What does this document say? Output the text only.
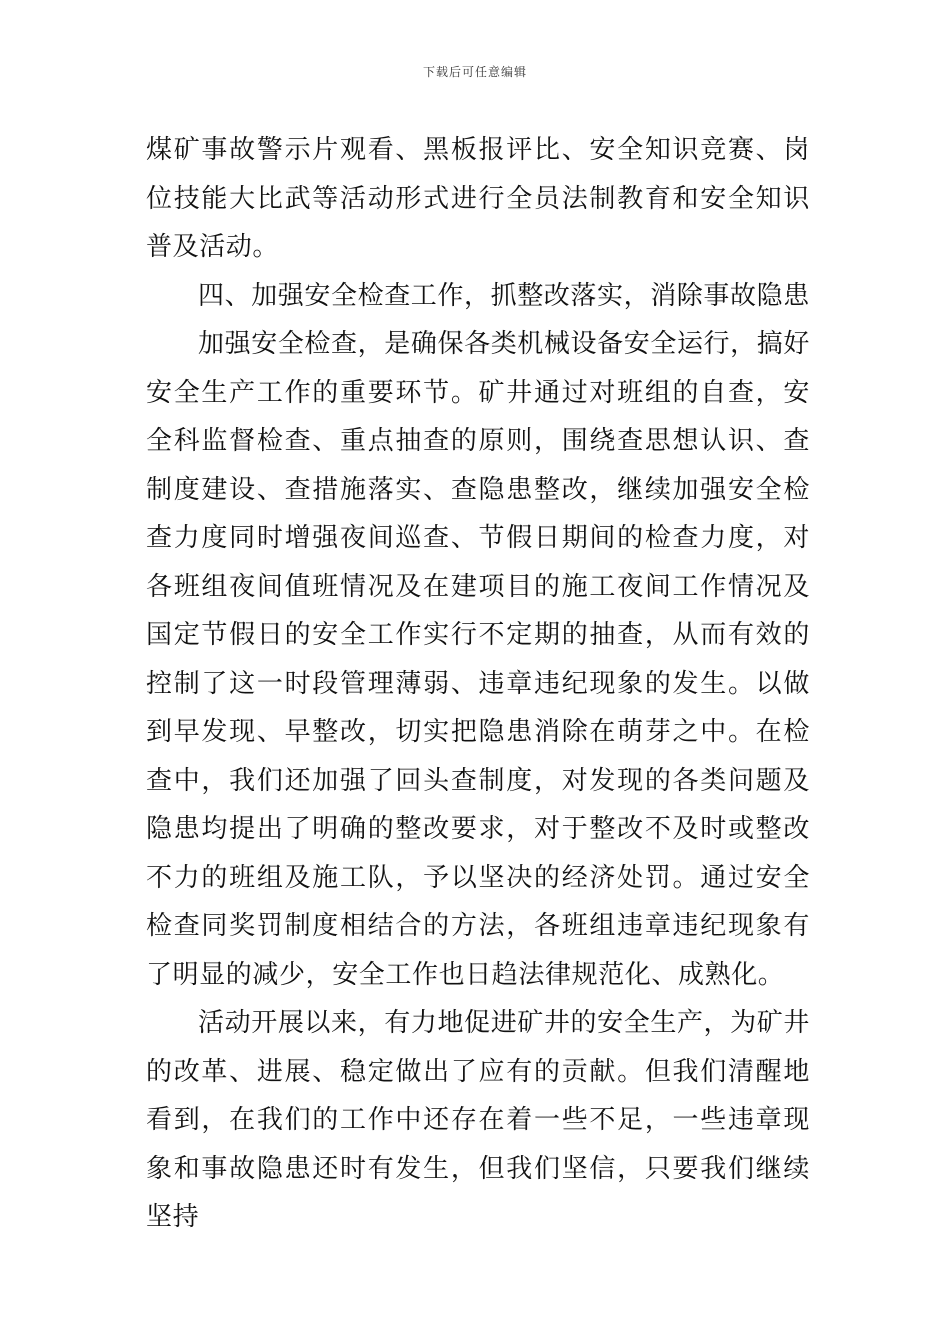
下载后可任意编辑

煤矿事故警示片观看、黑板报评比、安全知识竞赛、岗位技能大比武等活动形式进行全员法制教育和安全知识普及活动。

四、加强安全检查工作，抓整改落实，消除事故隐患

加强安全检查，是确保各类机械设备安全运行，搞好安全生产工作的重要环节。矿井通过对班组的自查，安全科监督检查、重点抽查的原则，围绕查思想认识、查制度建设、查措施落实、查隐患整改，继续加强安全检查力度同时增强夜间巡查、节假日期间的检查力度，对各班组夜间值班情况及在建项目的施工夜间工作情况及国定节假日的安全工作实行不定期的抽查，从而有效的控制了这一时段管理薄弱、违章违纪现象的发生。以做到早发现、早整改，切实把隐患消除在萌芽之中。在检查中，我们还加强了回头查制度，对发现的各类问题及隐患均提出了明确的整改要求，对于整改不及时或整改不力的班组及施工队，予以坚决的经济处罚。通过安全检查同奖罚制度相结合的方法，各班组违章违纪现象有了明显的减少，安全工作也日趋法律规范化、成熟化。

活动开展以来，有力地促进矿井的安全生产，为矿井的改革、进展、稳定做出了应有的贡献。但我们清醒地看到，在我们的工作中还存在着一些不足，一些违章现象和事故隐患还时有发生，但我们坚信，只要我们继续坚持
